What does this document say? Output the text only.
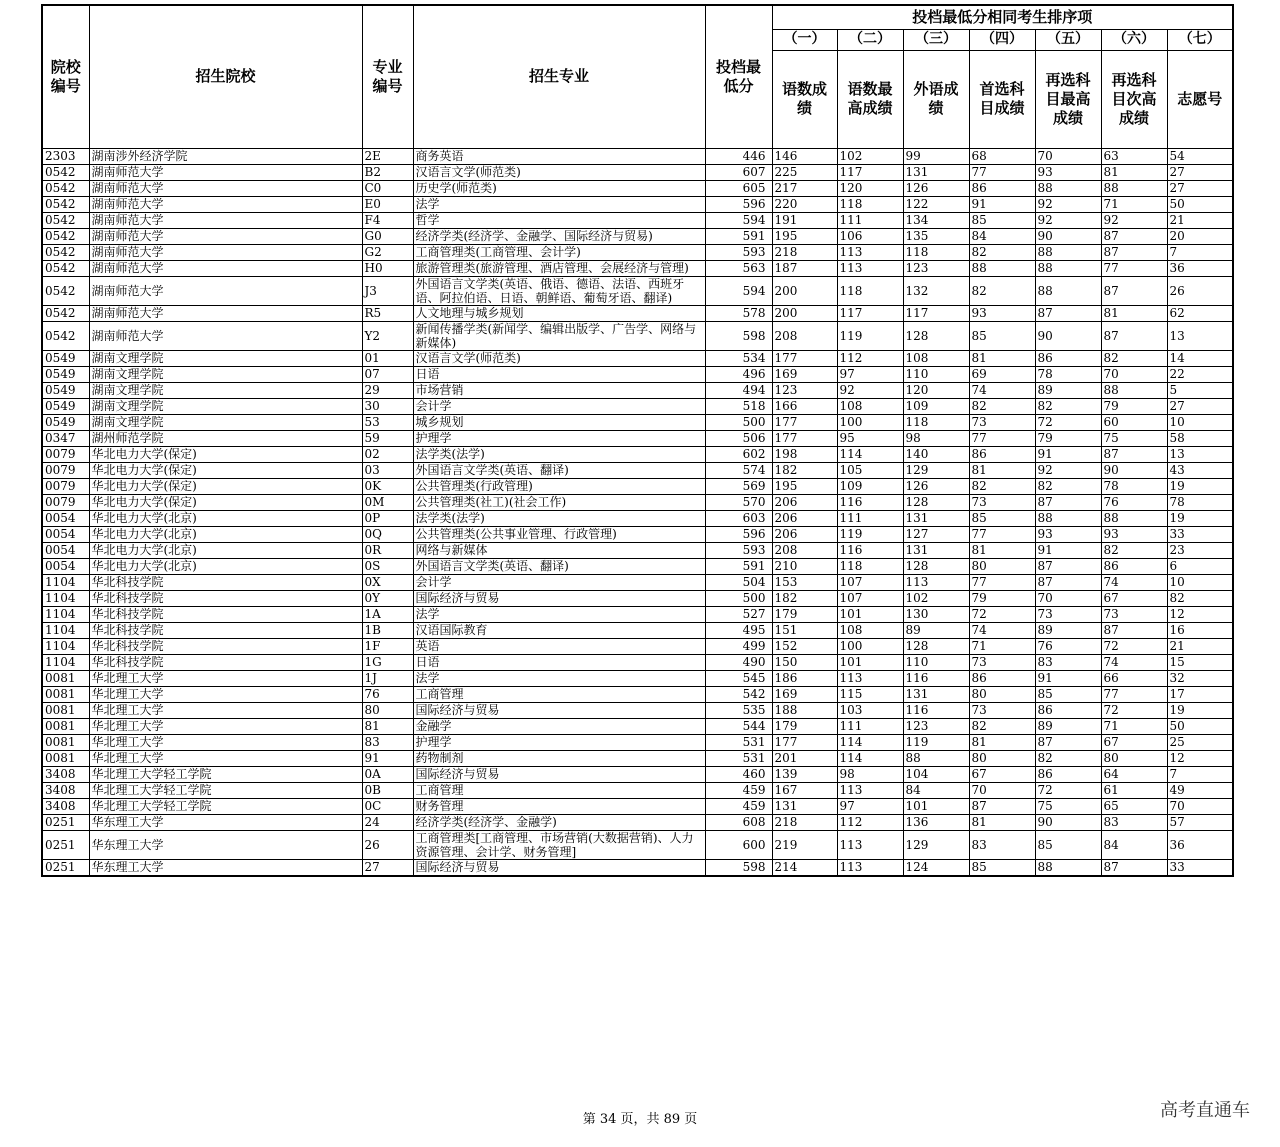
院校编号	招生院校	专业编号	招生专业	投档最低分	投档最低分相同考生排序项						
					（一）	（二）	（三）	（四）	（五）	（六）	（七）
					语数成绩	语数最高成绩	外语成绩	首选科目成绩	再选科目最高成绩	再选科目次高成绩	志愿号
2303	湖南涉外经济学院	2E	商务英语	446	146	102	99	68	70	63	54
0542	湖南师范大学	B2	汉语言文学(师范类)	607	225	117	131	77	93	81	27
0542	湖南师范大学	C0	历史学(师范类)	605	217	120	126	86	88	88	27
0542	湖南师范大学	E0	法学	596	220	118	122	91	92	71	50
0542	湖南师范大学	F4	哲学	594	191	111	134	85	92	92	21
0542	湖南师范大学	G0	经济学类(经济学、金融学、国际经济与贸易)	591	195	106	135	84	90	87	20
0542	湖南师范大学	G2	工商管理类(工商管理、会计学)	593	218	113	118	82	88	87	7
0542	湖南师范大学	H0	旅游管理类(旅游管理、酒店管理、会展经济与管理)	563	187	113	123	88	88	77	36
0542	湖南师范大学	J3	外国语言文学类(英语、俄语、德语、法语、西班牙语、阿拉伯语、日语、朝鲜语、葡萄牙语、翻译)	594	200	118	132	82	88	87	26
0542	湖南师范大学	R5	人文地理与城乡规划	578	200	117	117	93	87	81	62
0542	湖南师范大学	Y2	新闻传播学类(新闻学、编辑出版学、广告学、网络与新媒体)	598	208	119	128	85	90	87	13
0549	湖南文理学院	01	汉语言文学(师范类)	534	177	112	108	81	86	82	14
0549	湖南文理学院	07	日语	496	169	97	110	69	78	70	22
0549	湖南文理学院	29	市场营销	494	123	92	120	74	89	88	5
0549	湖南文理学院	30	会计学	518	166	108	109	82	82	79	27
0549	湖南文理学院	53	城乡规划	500	177	100	118	73	72	60	10
0347	湖州师范学院	59	护理学	506	177	95	98	77	79	75	58
0079	华北电力大学(保定)	02	法学类(法学)	602	198	114	140	86	91	87	13
0079	华北电力大学(保定)	03	外国语言文学类(英语、翻译)	574	182	105	129	81	92	90	43
0079	华北电力大学(保定)	0K	公共管理类(行政管理)	569	195	109	126	82	82	78	19
0079	华北电力大学(保定)	0M	公共管理类(社工)(社会工作)	570	206	116	128	73	87	76	78
0054	华北电力大学(北京)	0P	法学类(法学)	603	206	111	131	85	88	88	19
0054	华北电力大学(北京)	0Q	公共管理类(公共事业管理、行政管理)	596	206	119	127	77	93	93	33
0054	华北电力大学(北京)	0R	网络与新媒体	593	208	116	131	81	91	82	23
0054	华北电力大学(北京)	0S	外国语言文学类(英语、翻译)	591	210	118	128	80	87	86	6
1104	华北科技学院	0X	会计学	504	153	107	113	77	87	74	10
1104	华北科技学院	0Y	国际经济与贸易	500	182	107	102	79	70	67	82
1104	华北科技学院	1A	法学	527	179	101	130	72	73	73	12
1104	华北科技学院	1B	汉语国际教育	495	151	108	89	74	89	87	16
1104	华北科技学院	1F	英语	499	152	100	128	71	76	72	21
1104	华北科技学院	1G	日语	490	150	101	110	73	83	74	15
0081	华北理工大学	1J	法学	545	186	113	116	86	91	66	32
0081	华北理工大学	76	工商管理	542	169	115	131	80	85	77	17
0081	华北理工大学	80	国际经济与贸易	535	188	103	116	73	86	72	19
0081	华北理工大学	81	金融学	544	179	111	123	82	89	71	50
0081	华北理工大学	83	护理学	531	177	114	119	81	87	67	25
0081	华北理工大学	91	药物制剂	531	201	114	88	80	82	80	12
3408	华北理工大学轻工学院	0A	国际经济与贸易	460	139	98	104	67	86	64	7
3408	华北理工大学轻工学院	0B	工商管理	459	167	113	84	70	72	61	49
3408	华北理工大学轻工学院	0C	财务管理	459	131	97	101	87	75	65	70
0251	华东理工大学	24	经济学类(经济学、金融学)	608	218	112	136	81	90	83	57
0251	华东理工大学	26	工商管理类[工商管理、市场营销(大数据营销)、人力资源管理、会计学、财务管理]	600	219	113	129	83	85	84	36
0251	华东理工大学	27	国际经济与贸易	598	214	113	124	85	88	87	33
第 34 页，共 89 页	高考直通车
